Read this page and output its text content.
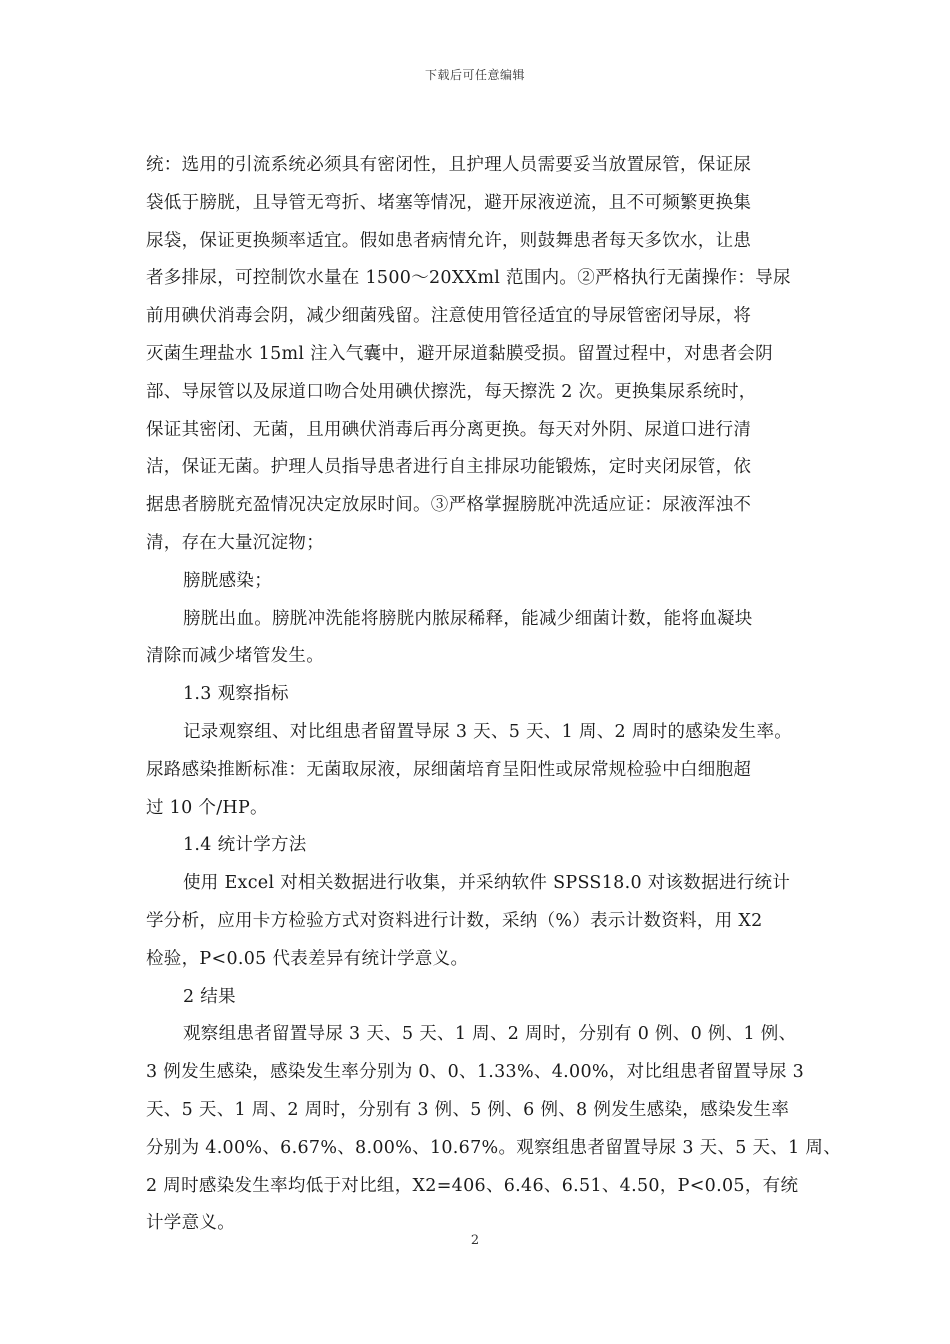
下载后可任意编辑

统：选用的引流系统必须具有密闭性，且护理人员需要妥当放置尿管，保证尿
袋低于膀胱，且导管无弯折、堵塞等情况，避开尿液逆流，且不可频繁更换集
尿袋，保证更换频率适宜。假如患者病情允许，则鼓舞患者每天多饮水，让患
者多排尿，可控制饮水量在 1500～20XXml 范围内。②严格执行无菌操作：导尿
前用碘伏消毒会阴，减少细菌残留。注意使用管径适宜的导尿管密闭导尿，将
灭菌生理盐水 15ml 注入气囊中，避开尿道黏膜受损。留置过程中，对患者会阴
部、导尿管以及尿道口吻合处用碘伏擦洗，每天擦洗 2 次。更换集尿系统时，
保证其密闭、无菌，且用碘伏消毒后再分离更换。每天对外阴、尿道口进行清
洁，保证无菌。护理人员指导患者进行自主排尿功能锻炼，定时夹闭尿管，依
据患者膀胱充盈情况决定放尿时间。③严格掌握膀胱冲洗适应证：尿液浑浊不
清，存在大量沉淀物；

膀胱感染；

膀胱出血。膀胱冲洗能将膀胱内脓尿稀释，能减少细菌计数，能将血凝块
清除而减少堵管发生。

1.3 观察指标

记录观察组、对比组患者留置导尿 3 天、5 天、1 周、2 周时的感染发生率。
尿路感染推断标准：无菌取尿液，尿细菌培育呈阳性或尿常规检验中白细胞超
过 10 个/HP。

1.4 统计学方法

使用 Excel 对相关数据进行收集，并采纳软件 SPSS18.0 对该数据进行统计
学分析，应用卡方检验方式对资料进行计数，采纳（%）表示计数资料，用 X2
检验，P<0.05 代表差异有统计学意义。

2 结果

观察组患者留置导尿 3 天、5 天、1 周、2 周时，分别有 0 例、0 例、1 例、
3 例发生感染，感染发生率分别为 0、0、1.33%、4.00%，对比组患者留置导尿 3
天、5 天、1 周、2 周时，分别有 3 例、5 例、6 例、8 例发生感染，感染发生率
分别为 4.00%、6.67%、8.00%、10.67%。观察组患者留置导尿 3 天、5 天、1 周、
2 周时感染发生率均低于对比组，X2=406、6.46、6.51、4.50，P<0.05，有统
计学意义。

2
